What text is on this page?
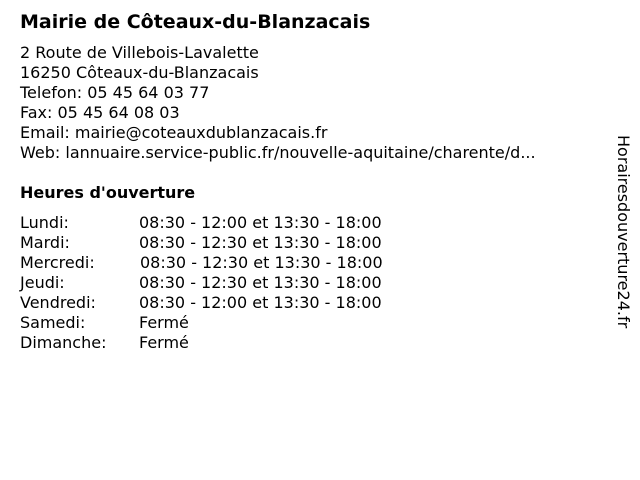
Mairie de Côteaux-du-Blanzacais
2 Route de Villebois-Lavalette
16250 Côteaux-du-Blanzacais
Telefon: 05 45 64 03 77
Fax: 05 45 64 08 03
Email: mairie@coteauxdublanzacais.fr
Web: lannuaire.service-public.fr/nouvelle-aquitaine/charente/d...
Heures d'ouverture
Lundi:	08:30 - 12:00 et 13:30 - 18:00
Mardi:	08:30 - 12:30 et 13:30 - 18:00
Mercredi:	08:30 - 12:30 et 13:30 - 18:00
Jeudi:	08:30 - 12:30 et 13:30 - 18:00
Vendredi:	08:30 - 12:00 et 13:30 - 18:00
Samedi:	Fermé
Dimanche: Fermé
Horairesdouverture24.fr
